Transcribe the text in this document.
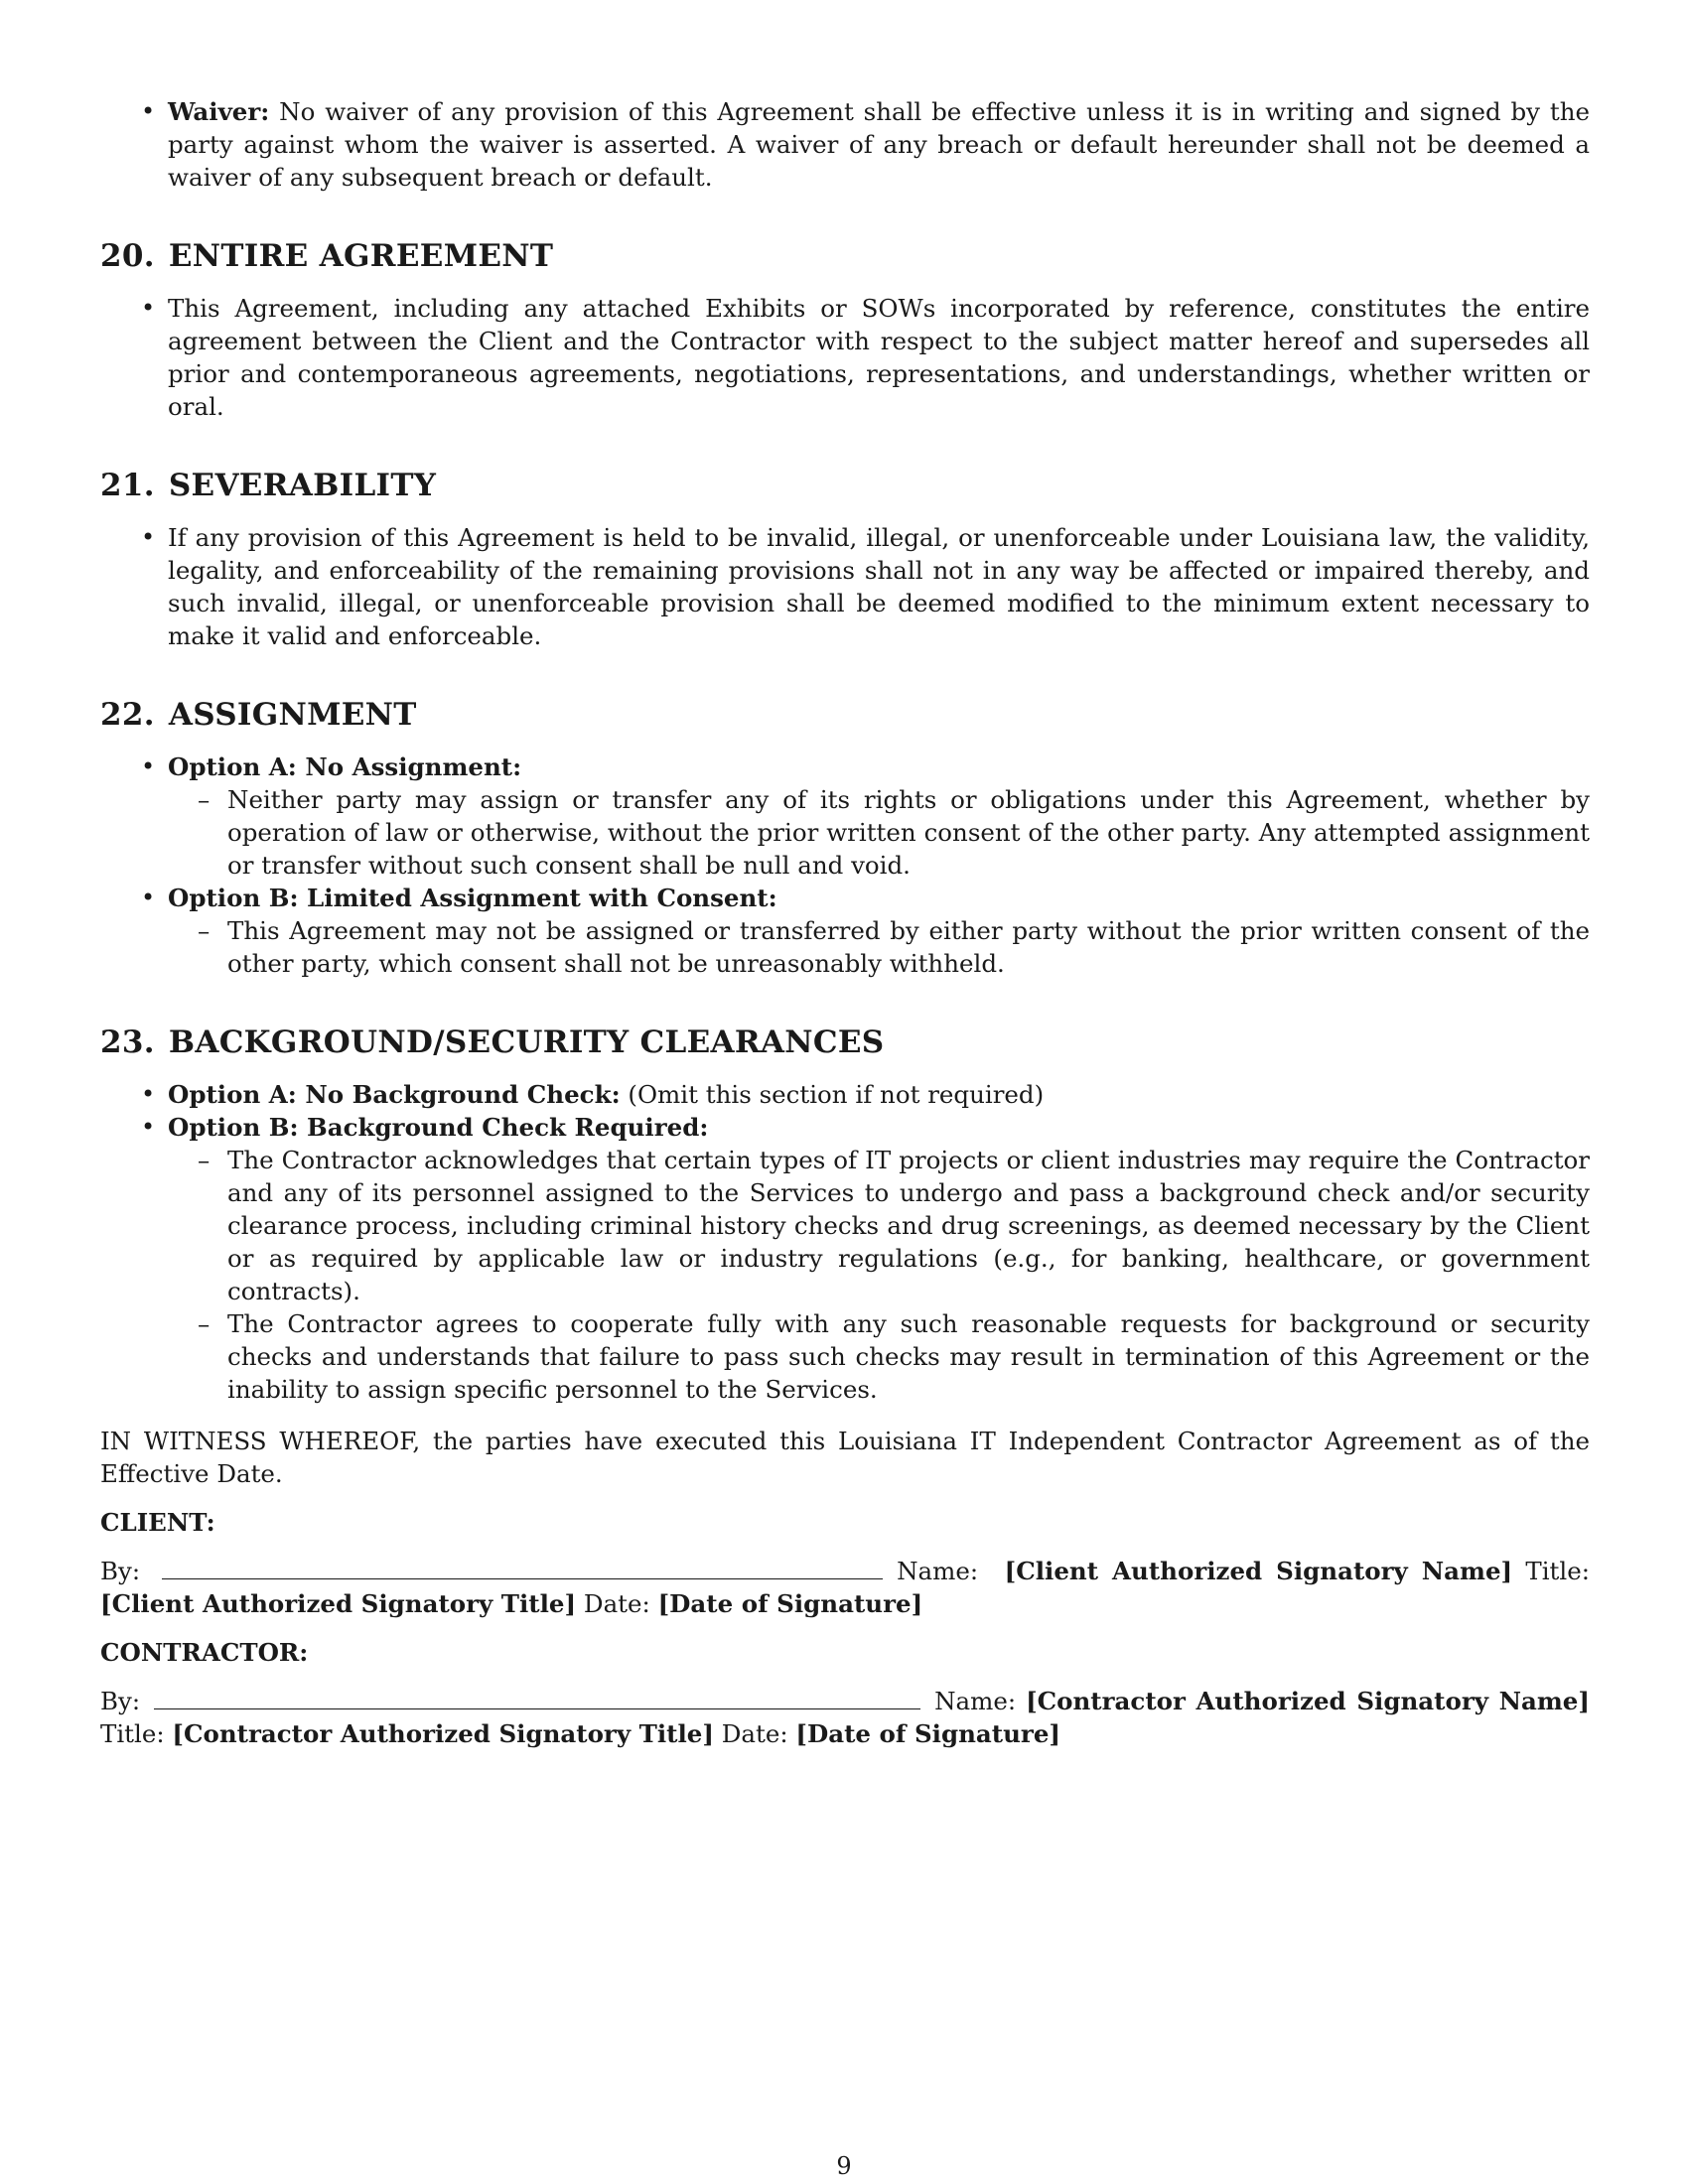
• Waiver: No waiver of any provision of this Agreement shall be effective unless it is in writing and signed by the party against whom the waiver is asserted. A waiver of any breach or default hereunder shall not be deemed a waiver of any subsequent breach or default.
20. ENTIRE AGREEMENT
• This Agreement, including any attached Exhibits or SOWs incorporated by reference, constitutes the entire agreement between the Client and the Contractor with respect to the subject matter hereof and supersedes all prior and contemporaneous agreements, negotiations, representations, and understandings, whether written or oral.
21. SEVERABILITY
• If any provision of this Agreement is held to be invalid, illegal, or unenforceable under Louisiana law, the validity, legality, and enforceability of the remaining provisions shall not in any way be affected or impaired thereby, and such invalid, illegal, or unenforceable provision shall be deemed modified to the minimum extent necessary to make it valid and enforceable.
22. ASSIGNMENT
• Option A: No Assignment:
– Neither party may assign or transfer any of its rights or obligations under this Agreement, whether by operation of law or otherwise, without the prior written consent of the other party. Any attempted assignment or transfer without such consent shall be null and void.
• Option B: Limited Assignment with Consent:
– This Agreement may not be assigned or transferred by either party without the prior written consent of the other party, which consent shall not be unreasonably withheld.
23. BACKGROUND/SECURITY CLEARANCES
• Option A: No Background Check: (Omit this section if not required)
• Option B: Background Check Required:
– The Contractor acknowledges that certain types of IT projects or client industries may require the Contractor and any of its personnel assigned to the Services to undergo and pass a background check and/or security clearance process, including criminal history checks and drug screenings, as deemed necessary by the Client or as required by applicable law or industry regulations (e.g., for banking, healthcare, or government contracts).
– The Contractor agrees to cooperate fully with any such reasonable requests for background or security checks and understands that failure to pass such checks may result in termination of this Agreement or the inability to assign specific personnel to the Services.

IN WITNESS WHEREOF, the parties have executed this Louisiana IT Independent Contractor Agreement as of the Effective Date.

CLIENT:

By:	Name: [Client Authorized Signatory Name] Title: [Client Authorized Signatory Title] Date: [Date of Signature]

CONTRACTOR:

By:	Name: [Contractor Authorized Signatory Name] Title: [Contractor Authorized Signatory Title] Date: [Date of Signature]

9
